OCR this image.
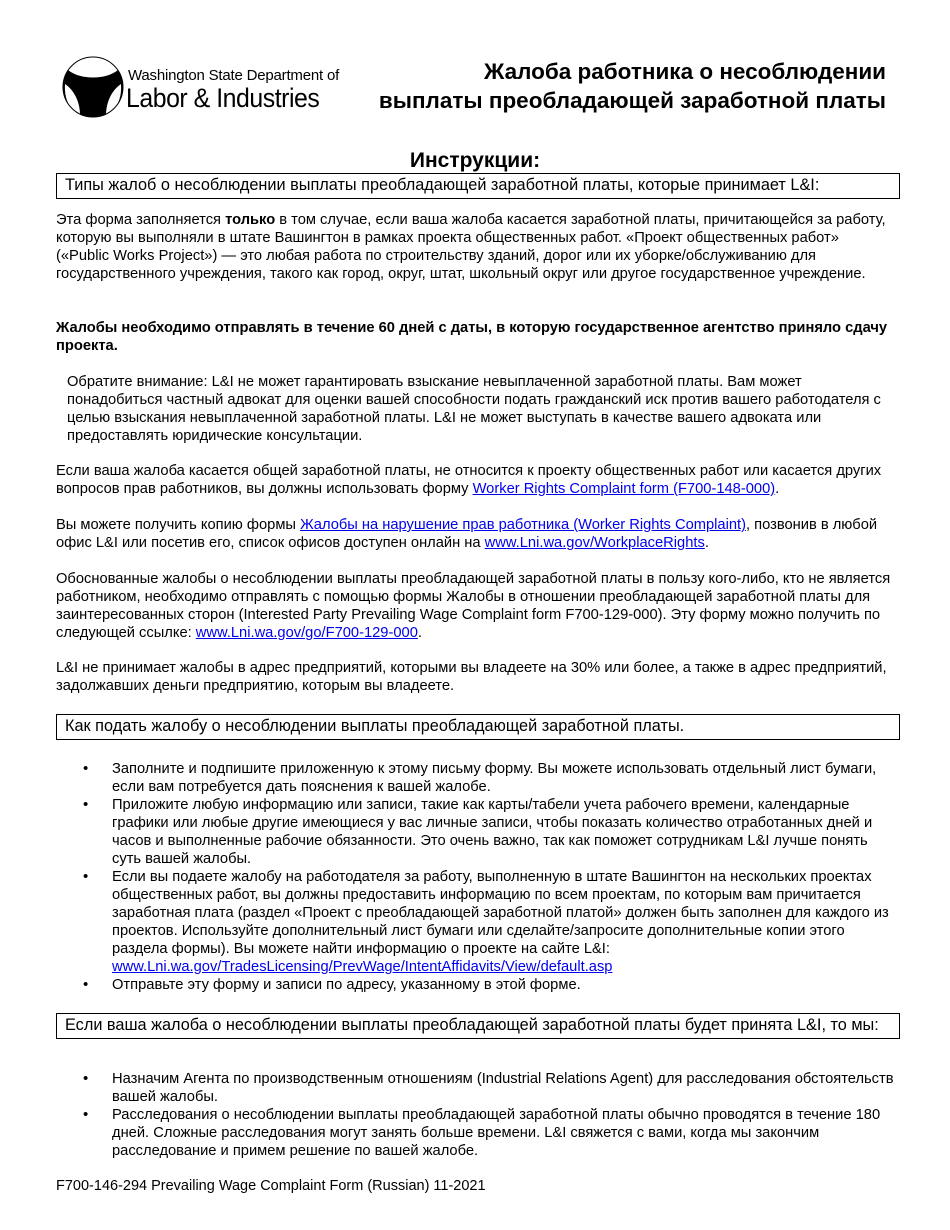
Washington State Department of
Labor & Industries
Жалоба работника о несоблюдении
выплаты преобладающей заработной платы
Инструкции:
Типы жалоб о несоблюдении выплаты преобладающей заработной платы, которые принимает L&I:
Эта форма заполняется только в том случае, если ваша жалоба касается заработной платы, причитающейся за работу, которую вы выполняли в штате Вашингтон в рамках проекта общественных работ. «Проект общественных работ» («Public Works Project») — это любая работа по строительству зданий, дорог или их уборке/обслуживанию для государственного учреждения, такого как город, округ, штат, школьный округ или другое государственное учреждение.
Жалобы необходимо отправлять в течение 60 дней с даты, в которую государственное агентство приняло сдачу проекта.
Обратите внимание: L&I не может гарантировать взыскание невыплаченной заработной платы. Вам может понадобиться частный адвокат для оценки вашей способности подать гражданский иск против вашего работодателя с целью взыскания невыплаченной заработной платы. L&I не может выступать в качестве вашего адвоката или предоставлять юридические консультации.
Если ваша жалоба касается общей заработной платы, не относится к проекту общественных работ или касается других вопросов прав работников, вы должны использовать форму Worker Rights Complaint form (F700-148-000).
Вы можете получить копию формы Жалобы на нарушение прав работника (Worker Rights Complaint), позвонив в любой офис L&I или посетив его, список офисов доступен онлайн на www.Lni.wa.gov/WorkplaceRights.
Обоснованные жалобы о несоблюдении выплаты преобладающей заработной платы в пользу кого-либо, кто не является работником, необходимо отправлять с помощью формы Жалобы в отношении преобладающей заработной платы для заинтересованных сторон (Interested Party Prevailing Wage Complaint form F700-129-000). Эту форму можно получить по следующей ссылке: www.Lni.wa.gov/go/F700-129-000.
L&I не принимает жалобы в адрес предприятий, которыми вы владеете на 30% или более, а также в адрес предприятий, задолжавших деньги предприятию, которым вы владеете.
Как подать жалобу о несоблюдении выплаты преобладающей заработной платы.
• Заполните и подпишите приложенную к этому письму форму. Вы можете использовать отдельный лист бумаги, если вам потребуется дать пояснения к вашей жалобе.
• Приложите любую информацию или записи, такие как карты/табели учета рабочего времени, календарные графики или любые другие имеющиеся у вас личные записи, чтобы показать количество отработанных дней и часов и выполненные рабочие обязанности. Это очень важно, так как поможет сотрудникам L&I лучше понять суть вашей жалобы.
• Если вы подаете жалобу на работодателя за работу, выполненную в штате Вашингтон на нескольких проектах общественных работ, вы должны предоставить информацию по всем проектам, по которым вам причитается заработная плата (раздел «Проект с преобладающей заработной платой» должен быть заполнен для каждого из проектов. Используйте дополнительный лист бумаги или сделайте/запросите дополнительные копии этого раздела формы). Вы можете найти информацию о проекте на сайте L&I: www.Lni.wa.gov/TradesLicensing/PrevWage/IntentAffidavits/View/default.asp
• Отправьте эту форму и записи по адресу, указанному в этой форме.
Если ваша жалоба о несоблюдении выплаты преобладающей заработной платы будет принята L&I, то мы:
• Назначим Агента по производственным отношениям (Industrial Relations Agent) для расследования обстоятельств вашей жалобы.
• Расследования о несоблюдении выплаты преобладающей заработной платы обычно проводятся в течение 180 дней. Сложные расследования могут занять больше времени. L&I свяжется с вами, когда мы закончим расследование и примем решение по вашей жалобе.
F700-146-294 Prevailing Wage Complaint Form (Russian) 11-2021
